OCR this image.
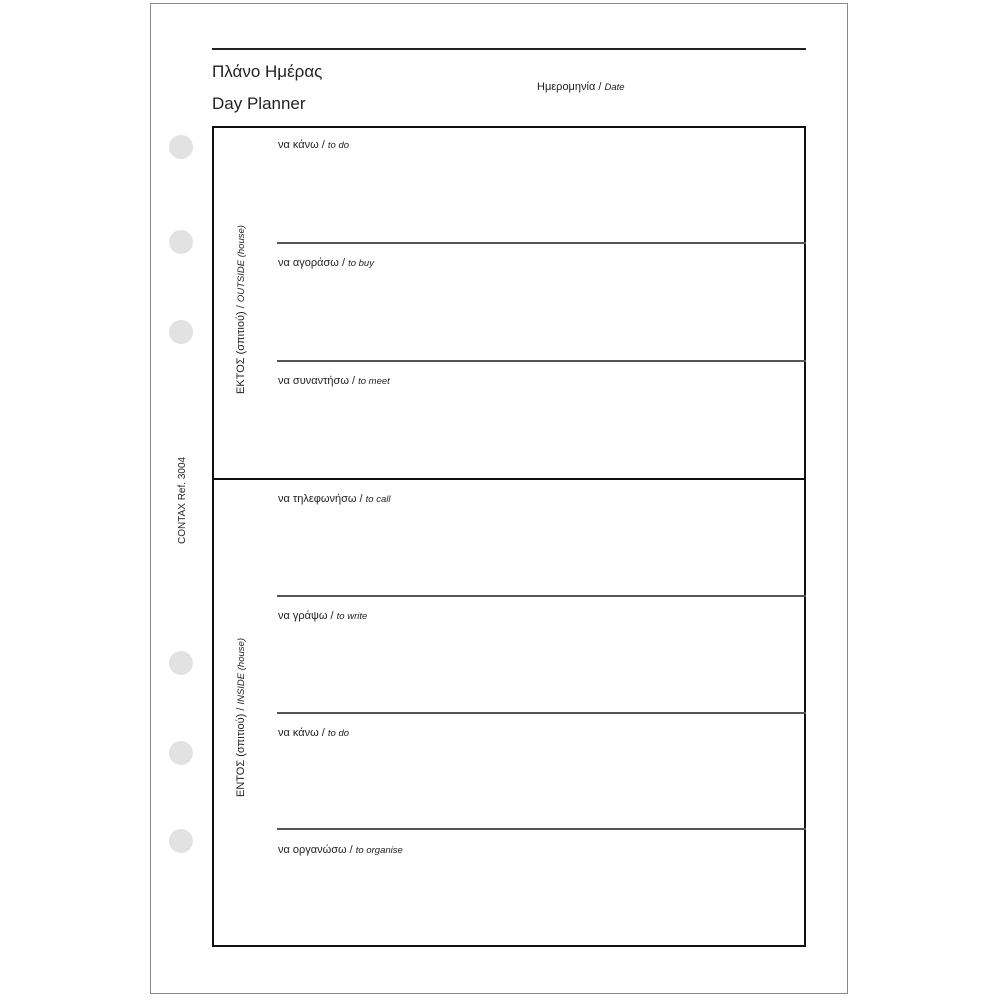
Πλάνο Ημέρας
Day Planner
Ημερομηνία / Date
CONTAX Ref. 3004
ΕΚΤΟΣ (σπιτιού) / OUTSIDE (house)
ΕΝΤΟΣ (σπιτιού) / INSIDE (house)
να κάνω / to do
να αγοράσω / to buy
να συναντήσω / to meet
να τηλεφωνήσω / to call
να γράψω / to write
να κάνω / to do
να οργανώσω / to organise
